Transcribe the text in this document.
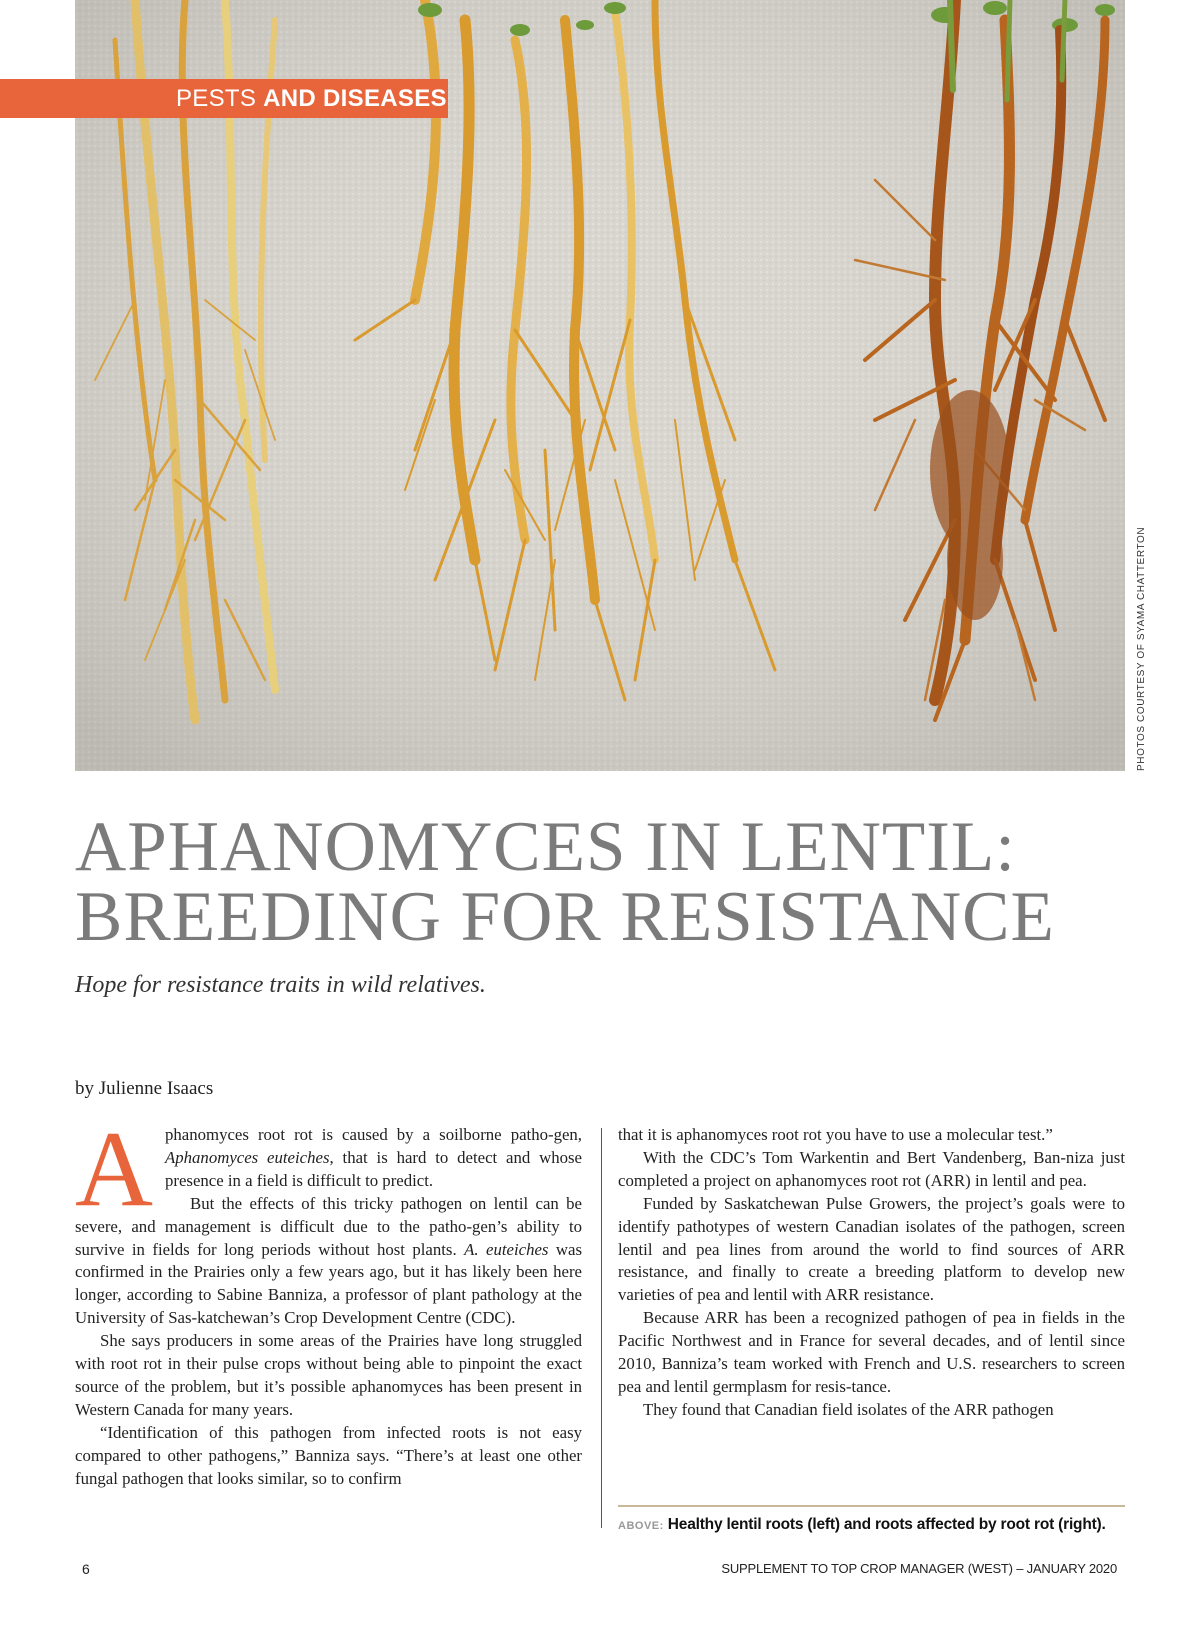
PHOTOS COURTESY OF SYAMA CHATTERTON
PESTS AND DISEASES
APHANOMYCES IN LENTIL:
BREEDING FOR RESISTANCE
Hope for resistance traits in wild relatives.
by Julienne Isaacs

Aphanomyces root rot is caused by a soilborne patho-gen, Aphanomyces euteiches, that is hard to detect and whose presence in a field is difficult to predict.

But the effects of this tricky pathogen on lentil can be severe, and management is difficult due to the patho-gen’s ability to survive in fields for long periods without host plants. A. euteiches was confirmed in the Prairies only a few years ago, but it has likely been here longer, according to Sabine Banniza, a professor of plant pathology at the University of Sas-katchewan’s Crop Development Centre (CDC).

She says producers in some areas of the Prairies have long struggled with root rot in their pulse crops without being able to pinpoint the exact source of the problem, but it’s possible aphanomyces has been present in Western Canada for many years.

“Identification of this pathogen from infected roots is not easy compared to other pathogens,” Banniza says. “There’s at least one other fungal pathogen that looks similar, so to confirm

that it is aphanomyces root rot you have to use a molecular test.”

With the CDC’s Tom Warkentin and Bert Vandenberg, Ban-niza just completed a project on aphanomyces root rot (ARR) in lentil and pea.

Funded by Saskatchewan Pulse Growers, the project’s goals were to identify pathotypes of western Canadian isolates of the pathogen, screen lentil and pea lines from around the world to find sources of ARR resistance, and finally to create a breeding platform to develop new varieties of pea and lentil with ARR resistance.

Because ARR has been a recognized pathogen of pea in fields in the Pacific Northwest and in France for several decades, and of lentil since 2010, Banniza’s team worked with French and U.S. researchers to screen pea and lentil germplasm for resis-tance.

They found that Canadian field isolates of the ARR pathogen

ABOVE: Healthy lentil roots (left) and roots affected by root rot (right).
6	SUPPLEMENT TO TOP CROP MANAGER (WEST) – JANUARY 2020
